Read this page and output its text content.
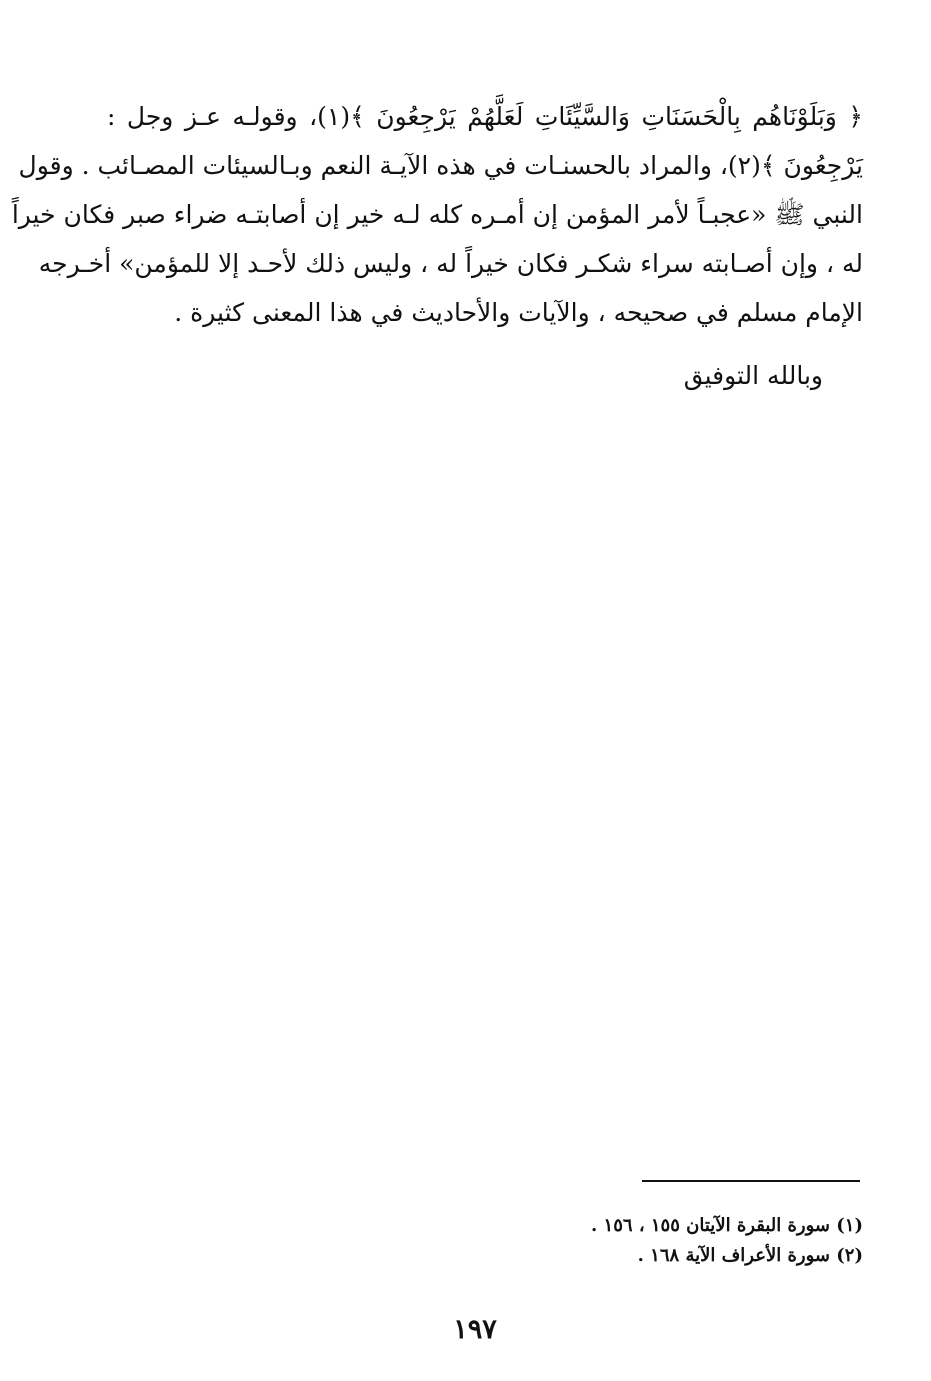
﴿ وَبَلَوْنَاهُم بِالْحَسَنَاتِ وَالسَّيِّئَاتِ لَعَلَّهُمْ يَرْجِعُونَ ﴾(١)، وقولـه عـز وجل :
يَرْجِعُونَ ﴾(٢)، والمراد بالحسنـات في هذه الآيـة النعم وبـالسيئات المصـائب . وقول
النبي ﷺ «عجبـاً لأمر المؤمن إن أمـره كله لـه خير إن أصابتـه ضراء صبر فكان خيراً
له ، وإن أصـابته سراء شكـر فكان خيراً له ، وليس ذلك لأحـد إلا للمؤمن» أخـرجه
الإمام مسلم في صحيحه ، والآيات والأحاديث في هذا المعنى كثيرة .
وبالله التوفيق
(١) سورة البقرة الآيتان ١٥٥ ، ١٥٦ .
(٢) سورة الأعراف الآية ١٦٨ .
١٩٧
